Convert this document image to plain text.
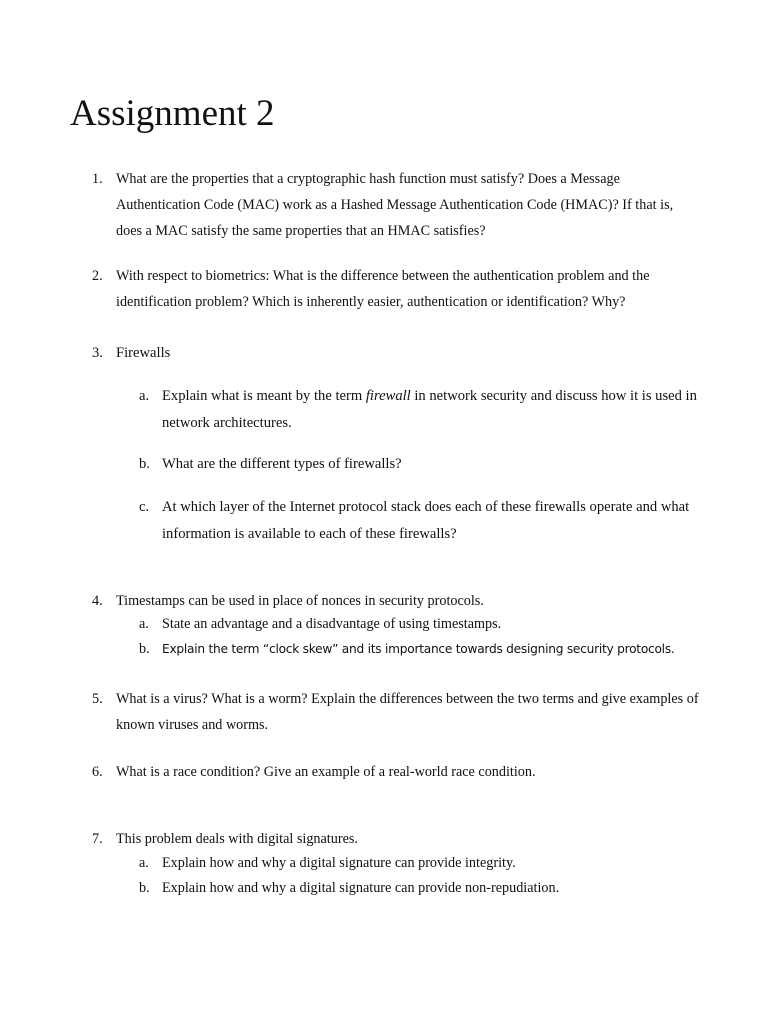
Assignment 2
1. What are the properties that a cryptographic hash function must satisfy? Does a Message Authentication Code (MAC) work as a Hashed Message Authentication Code (HMAC)? If that is, does a MAC satisfy the same properties that an HMAC satisfies?
2. With respect to biometrics: What is the difference between the authentication problem and the identification problem? Which is inherently easier, authentication or identification? Why?
3. Firewalls
a. Explain what is meant by the term firewall in network security and discuss how it is used in network architectures.
b. What are the different types of firewalls?
c. At which layer of the Internet protocol stack does each of these firewalls operate and what information is available to each of these firewalls?
4. Timestamps can be used in place of nonces in security protocols.
a. State an advantage and a disadvantage of using timestamps.
b. Explain the term “clock skew” and its importance towards designing security protocols.
5. What is a virus? What is a worm? Explain the differences between the two terms and give examples of known viruses and worms.
6. What is a race condition? Give an example of a real-world race condition.
7. This problem deals with digital signatures.
a. Explain how and why a digital signature can provide integrity.
b. Explain how and why a digital signature can provide non-repudiation.
